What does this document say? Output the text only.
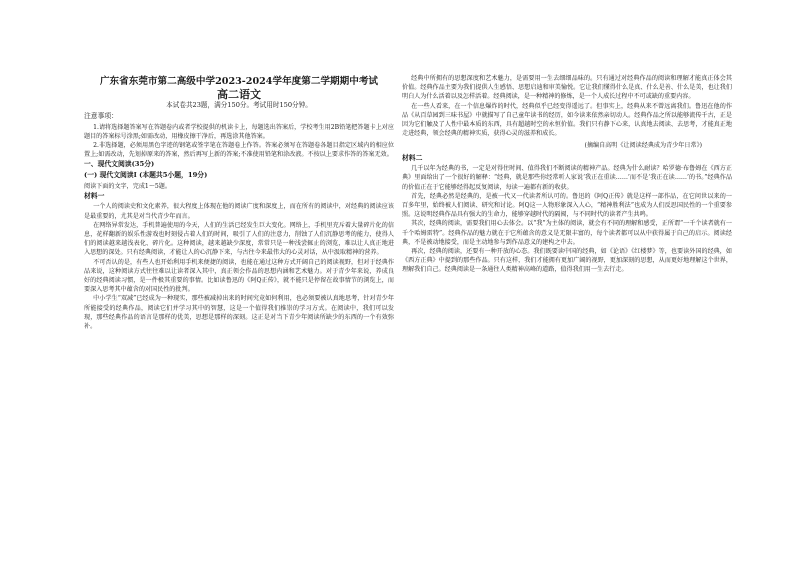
广东省东莞市第二高级中学2023-2024学年度第二学期期中考试
高二语文
本试卷共23题，满分150分。考试用时150分钟。
注意事项：

1.请将选择题答案写在答题卷内或者学校提供的机读卡上，每题选出答案后，学校考生用2B铅笔把答题卡上对应题目的答案标号涂黑;如需改动，用橡皮擦干净后，再选涂其他答案。

2.非选择题，必须用黑色字迹的钢笔或签字笔在答题卷上作答。答案必须写在答题卷各题目指定区域内的相应位置上;如需改动，先划掉原来的答案，然后再写上新的答案;不准使用铅笔和涂改液。不按以上要求作答的答案无效。

一、现代文阅读(35分)
(一) 现代文阅读Ⅰ (本题共5小题，19分)

阅读下面的文字，完成1～5题。

材料一

一个人的阅读史和文化素养，很大程度上体现在他的阅读广度和深度上，而在所有的阅读中，对经典的阅读应该是最重要的，尤其是对当代青少年而言。

在网络异常发达，手机普遍使用的今天，人们的生活已经发生巨大变化。网络上，手机里充斥着大量碎片化的信息，花样翻新的娱乐性游戏也时刻侵占着人们的时间，吸引了人们的注意力，削蚀了人们沉静思考的能力，使得人们的阅读越来越浅表化、碎片化。这种阅读，越来越缺少深度，常常只是一种浅尝辄止的浏览，难以让人真正地进入思想的深处。只有经典阅读，才能让人的心沉静下来，与古往今来最伟大的心灵对话，从中汲取精神的营养。

不可否认的是，有些人也开始利用手机来便捷的阅读，也能在通过这种方式开阔自己的阅读视野，但对于经典作品来说，这种阅读方式往往难以让读者深入其中，真正领会作品的思想内涵和艺术魅力。对于青少年来说，养成良好的经典阅读习惯，是一件极其重要的事情。比如读鲁迅的《阿Q正传》，就不能只是停留在故事情节的浏览上，而要深入思考其中蕴含的对国民性的批判。

中小学生“双减”已经成为一种现实，那些被减掉出来的时间究竟如何利用，也必须要被认真地思考，针对青少年所能接受的经典作品，阅读它们并学习其中的智慧，这是一个值得我们推崇的学习方式。在阅读中，我们可以发现，那些经典作品的语言是那样的优美，思想是那样的深刻。这正是对当下青少年阅读所缺少的东西的一个有效弥补。

经典中所拥有的思想深度和艺术魅力，是需要用一生去细细品味的。只有通过对经典作品的阅读和理解才能真正体会其价值。经典作品主要为我们提供人生感悟、思想启迪和审美愉悦。它让我们懂得什么是真、什么是善、什么是美，也让我们明白人为什么活着以及怎样活着。经典阅读，是一种精神的修炼，是一个人成长过程中不可或缺的重要内容。

在一些人看来，在一个信息爆炸的时代，经典似乎已经变得遥远了。但事实上，经典从来不曾远离我们。鲁迅在他的作品《从百草园到三味书屋》中就描写了自己童年读书的经历，如今读来依然亲切动人。经典作品之所以能够流传千古，正是因为它们触及了人性中最本质的东西，具有超越时空的永恒价值。我们只有静下心来，认真地去阅读、去思考，才能真正地走进经典，领会经典的精神实质，获得心灵的滋养和成长。

(摘编自高明《让阅读经典成为青少年日常》)
材料二

几千以年为经典的书，一定是对得住时间、值得我们不断阅读的精神产品。经典为什么耐读？哈罗德·布鲁姆在《西方正典》里面给出了一个很好的解释：“经典，就是那些你经常听人家说‘我正在重读……’而不是‘我正在读……’的书。”经典作品的价值正在于它能够经得起反复阅读，每读一遍都有新的收获。

首先，经典必然是经典的，是被一代又一代读者所认可的。鲁迅的《阿Q正传》就是这样一部作品，在它问世以来的一百多年里，始终被人们阅读、研究和讨论。阿Q这一人物形象深入人心，“精神胜利法”也成为人们反思国民性的一个重要参照。这说明经典作品具有强大的生命力，能够穿越时代的隔阂，与不同时代的读者产生共鸣。

其次，经典的阅读，需要我们用心去体会。以“我”为主体的阅读，就会有不同的理解和感受，正所谓“一千个读者就有一千个哈姆雷特”。经典作品的魅力就在于它所蕴含的意义是无限丰富的，每个读者都可以从中获得属于自己的启示。阅读经典，不是被动地接受，而是主动地参与到作品意义的建构之中去。

再次，经典的阅读，还要有一种开放的心态。我们既要读中国的经典，如《论语》《红楼梦》等，也要读外国的经典，如《西方正典》中提到的那些作品。只有这样，我们才能拥有更加广阔的视野，更加深刻的思想，从而更好地理解这个世界，理解我们自己。经典阅读是一条通往人类精神高峰的道路，值得我们用一生去行走。
